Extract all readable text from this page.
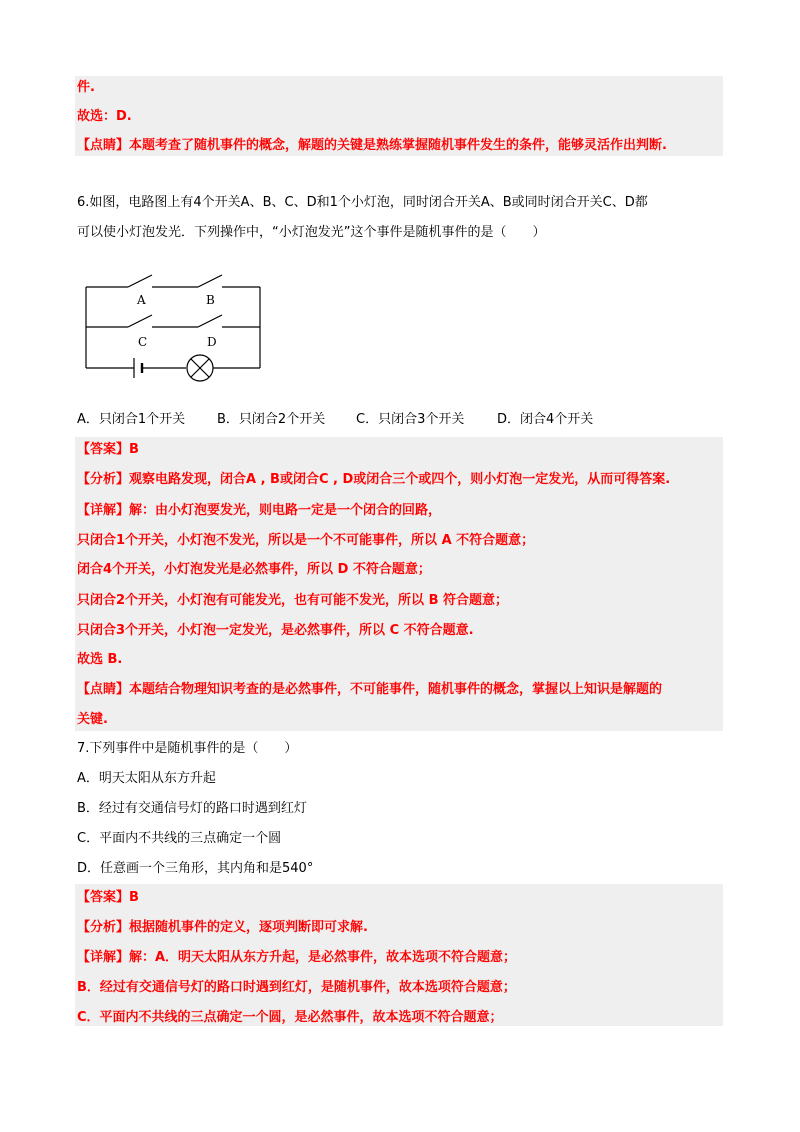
件.
故选：D.
【点睛】本题考查了随机事件的概念，解题的关键是熟练掌握随机事件发生的条件，能够灵活作出判断.
6.如图，电路图上有4个开关A、B、C、D和1个小灯泡，同时闭合开关A、B或同时闭合开关C、D都
可以使小灯泡发光．下列操作中，“小灯泡发光”这个事件是随机事件的是（　　）
A	B
C	D
A．只闭合1个开关 B．只闭合2个开关 C．只闭合3个开关	D．闭合4个开关
【答案】B
【分析】观察电路发现，闭合A , B或闭合C , D或闭合三个或四个，则小灯泡一定发光，从而可得答案.
【详解】解：由小灯泡要发光，则电路一定是一个闭合的回路，
只闭合1个开关，小灯泡不发光，所以是一个不可能事件，所以 A 不符合题意；
闭合4个开关，小灯泡发光是必然事件，所以 D 不符合题意；
只闭合2个开关，小灯泡有可能发光，也有可能不发光，所以 B 符合题意；
只闭合3个开关，小灯泡一定发光，是必然事件，所以 C 不符合题意.
故选 B.
【点睛】本题结合物理知识考查的是必然事件，不可能事件，随机事件的概念，掌握以上知识是解题的
关键.
7.下列事件中是随机事件的是（　　）
A．明天太阳从东方升起
B．经过有交通信号灯的路口时遇到红灯
C．平面内不共线的三点确定一个圆
D．任意画一个三角形，其内角和是540°
【答案】B
【分析】根据随机事件的定义，逐项判断即可求解.
【详解】解：A．明天太阳从东方升起，是必然事件，故本选项不符合题意；
B．经过有交通信号灯的路口时遇到红灯，是随机事件，故本选项符合题意；
C．平面内不共线的三点确定一个圆，是必然事件，故本选项不符合题意；
